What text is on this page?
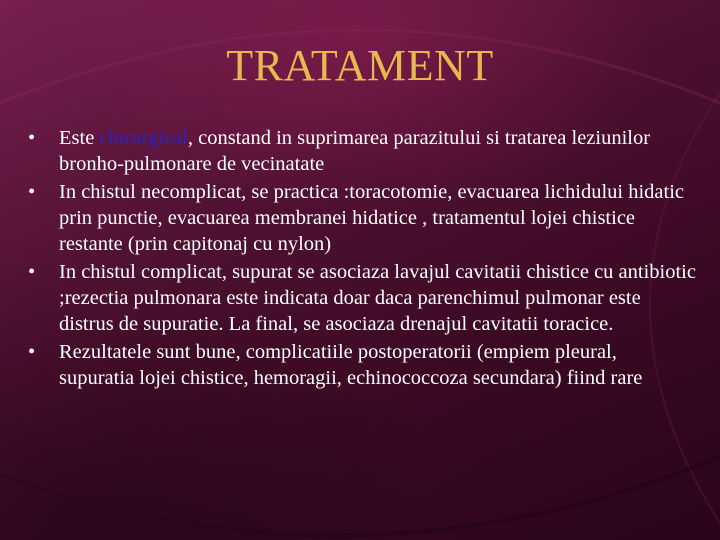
TRATAMENT
•	Este chirurgical, constand in suprimarea parazitului si tratarea leziunilor bronho-pulmonare de vecinatate
•	In chistul necomplicat, se practica :toracotomie, evacuarea lichidului hidatic prin punctie, evacuarea membranei hidatice , tratamentul lojei chistice restante (prin capitonaj cu nylon)
•	In chistul complicat, supurat se asociaza lavajul cavitatii chistice cu antibiotic ;rezectia pulmonara este indicata doar daca parenchimul pulmonar este distrus de supuratie. La final, se asociaza drenajul cavitatii toracice.
•	Rezultatele sunt bune, complicatiile postoperatorii (empiem pleural, supuratia lojei chistice, hemoragii, echinococcoza secundara) fiind rare
